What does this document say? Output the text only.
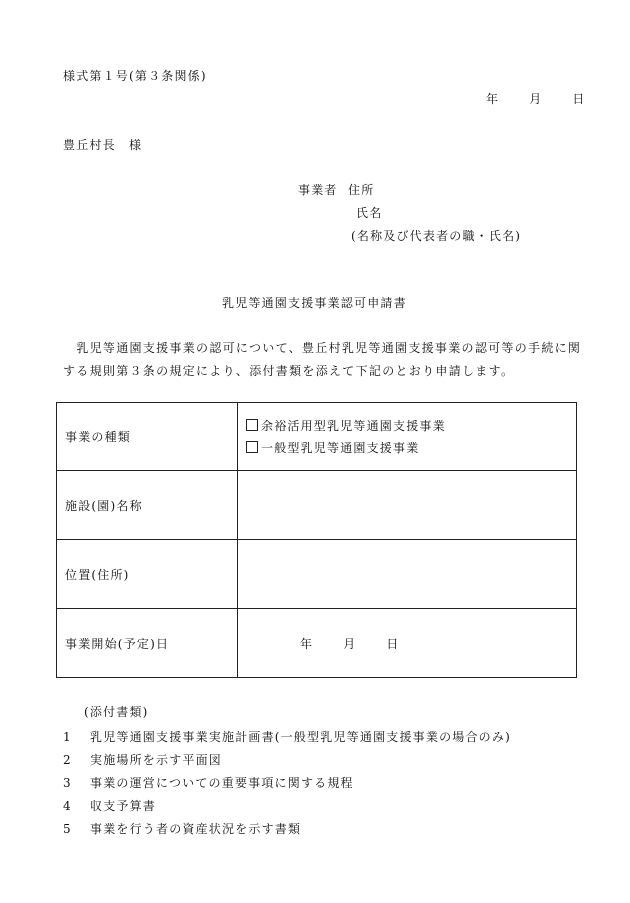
様式第１号(第３条関係)
年	月	日
豊丘村長　様
事業者 住所
氏名
(名称及び代表者の職・氏名)
乳児等通園支援事業認可申請書
　乳児等通園支援事業の認可について、豊丘村乳児等通園支援事業の認可等の手続に関する規則第３条の規定により、添付書類を添えて下記のとおり申請します。
事業の種類	余裕活用型乳児等通園支援事業
一般型乳児等通園支援事業

施設(園)名称	
位置(住所)	
事業開始(予定)日	年 月 日
(添付書類)
1 乳児等通園支援事業実施計画書(一般型乳児等通園支援事業の場合のみ)
2 実施場所を示す平面図
3 事業の運営についての重要事項に関する規程
4 収支予算書
5 事業を行う者の資産状況を示す書類
